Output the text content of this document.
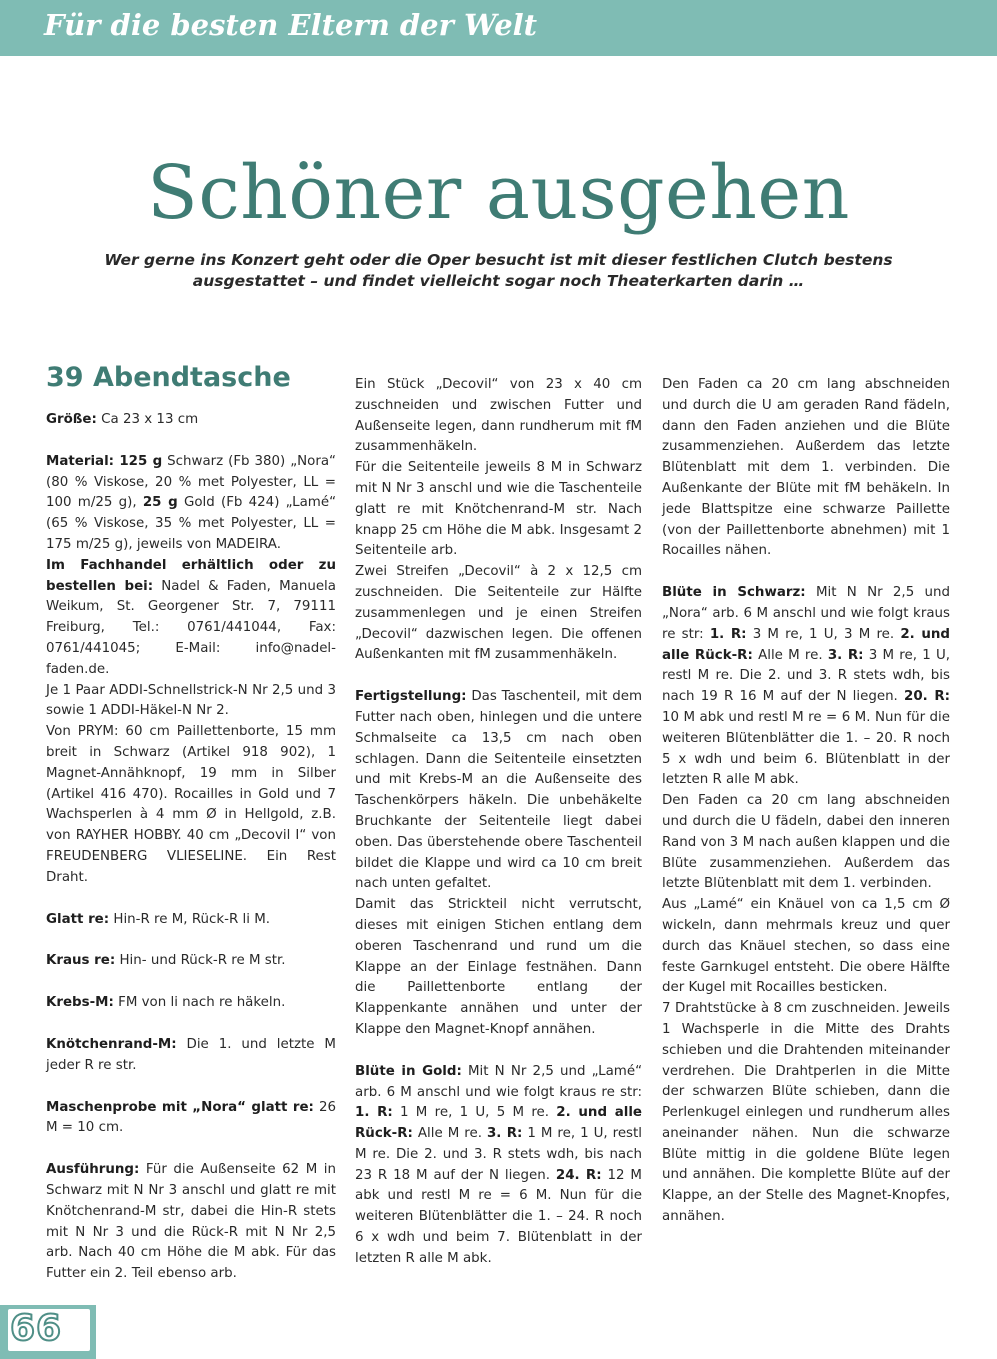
Für die besten Eltern der Welt
Schöner ausgehen
Wer gerne ins Konzert geht oder die Oper besucht ist mit dieser festlichen Clutch bestens ausgestattet – und findet vielleicht sogar noch Theaterkarten darin …
39 Abendtasche

Größe: Ca 23 x 13 cm

Material: 125 g Schwarz (Fb 380) „Nora“ (80 % Viskose, 20 % met Polyester, LL = 100 m/25 g), 25 g Gold (Fb 424) „Lamé“ (65 % Viskose, 35 % met Polyester, LL = 175 m/25 g), jeweils von MADEIRA.

Im Fachhandel erhältlich oder zu bestellen bei: Nadel & Faden, Manuela Weikum, St. Georgener Str. 7, 79111 Freiburg, Tel.: 0761/441044, Fax: 0761/441045; E-Mail: info@nadel-faden.de.

Je 1 Paar ADDI-Schnellstrick-N Nr 2,5 und 3 sowie 1 ADDI-Häkel-N Nr 2.

Von PRYM: 60 cm Paillettenborte, 15 mm breit in Schwarz (Artikel 918 902), 1 Magnet-Annähknopf, 19 mm in Silber (Artikel 416 470). Rocailles in Gold und 7 Wachsperlen à 4 mm Ø in Hellgold, z.B. von RAYHER HOBBY. 40 cm „Decovil I“ von FREUDENBERG VLIESELINE. Ein Rest Draht.

Glatt re: Hin-R re M, Rück-R li M.

Kraus re: Hin- und Rück-R re M str.

Krebs-M: FM von li nach re häkeln.

Knötchenrand-M: Die 1. und letzte M jeder R re str.

Maschenprobe mit „Nora“ glatt re: 26 M = 10 cm.

Ausführung: Für die Außenseite 62 M in Schwarz mit N Nr 3 anschl und glatt re mit Knötchenrand-M str, dabei die Hin-R stets mit N Nr 3 und die Rück-R mit N Nr 2,5 arb. Nach 40 cm Höhe die M abk. Für das Futter ein 2. Teil ebenso arb.

Ein Stück „Decovil“ von 23 x 40 cm zuschneiden und zwischen Futter und Außenseite legen, dann rundherum mit fM zusammenhäkeln.

Für die Seitenteile jeweils 8 M in Schwarz mit N Nr 3 anschl und wie die Taschenteile glatt re mit Knötchenrand-M str. Nach knapp 25 cm Höhe die M abk. Insgesamt 2 Seitenteile arb.

Zwei Streifen „Decovil“ à 2 x 12,5 cm zuschneiden. Die Seitenteile zur Hälfte zusammenlegen und je einen Streifen „Decovil“ dazwischen legen. Die offenen Außenkanten mit fM zusammenhäkeln.

Fertigstellung: Das Taschenteil, mit dem Futter nach oben, hinlegen und die untere Schmalseite ca 13,5 cm nach oben schlagen. Dann die Seitenteile einsetzten und mit Krebs-M an die Außenseite des Taschenkörpers häkeln. Die unbehäkelte Bruchkante der Seitenteile liegt dabei oben. Das überstehende obere Taschenteil bildet die Klappe und wird ca 10 cm breit nach unten gefaltet.

Damit das Strickteil nicht verrutscht, dieses mit einigen Stichen entlang dem oberen Taschenrand und rund um die Klappe an der Einlage festnähen. Dann die Paillettenborte entlang der Klappenkante annähen und unter der Klappe den Magnet-Knopf annähen.

Blüte in Gold: Mit N Nr 2,5 und „Lamé“ arb. 6 M anschl und wie folgt kraus re str: 1. R: 1 M re, 1 U, 5 M re. 2. und alle Rück-R: Alle M re. 3. R: 1 M re, 1 U, restl M re. Die 2. und 3. R stets wdh, bis nach 23 R 18 M auf der N liegen. 24. R: 12 M abk und restl M re = 6 M. Nun für die weiteren Blütenblätter die 1. – 24. R noch 6 x wdh und beim 7. Blütenblatt in der letzten R alle M abk.

Den Faden ca 20 cm lang abschneiden und durch die U am geraden Rand fädeln, dann den Faden anziehen und die Blüte zusammenziehen. Außerdem das letzte Blütenblatt mit dem 1. verbinden. Die Außenkante der Blüte mit fM behäkeln. In jede Blattspitze eine schwarze Paillette (von der Paillettenborte abnehmen) mit 1 Rocailles nähen.

Blüte in Schwarz: Mit N Nr 2,5 und „Nora“ arb. 6 M anschl und wie folgt kraus re str: 1. R: 3 M re, 1 U, 3 M re. 2. und alle Rück-R: Alle M re. 3. R: 3 M re, 1 U, restl M re. Die 2. und 3. R stets wdh, bis nach 19 R 16 M auf der N liegen. 20. R: 10 M abk und restl M re = 6 M. Nun für die weiteren Blütenblätter die 1. – 20. R noch 5 x wdh und beim 6. Blütenblatt in der letzten R alle M abk.

Den Faden ca 20 cm lang abschneiden und durch die U fädeln, dabei den inneren Rand von 3 M nach außen klappen und die Blüte zusammenziehen. Außerdem das letzte Blütenblatt mit dem 1. verbinden.

Aus „Lamé“ ein Knäuel von ca 1,5 cm Ø wickeln, dann mehrmals kreuz und quer durch das Knäuel stechen, so dass eine feste Garnkugel entsteht. Die obere Hälfte der Kugel mit Rocailles besticken.

7 Drahtstücke à 8 cm zuschneiden. Jeweils 1 Wachsperle in die Mitte des Drahts schieben und die Drahtenden miteinander verdrehen. Die Drahtperlen in die Mitte der schwarzen Blüte schieben, dann die Perlenkugel einlegen und rundherum alles aneinander nähen. Nun die schwarze Blüte mittig in die goldene Blüte legen und annähen. Die komplette Blüte auf der Klappe, an der Stelle des Magnet-Knopfes, annähen.

66
